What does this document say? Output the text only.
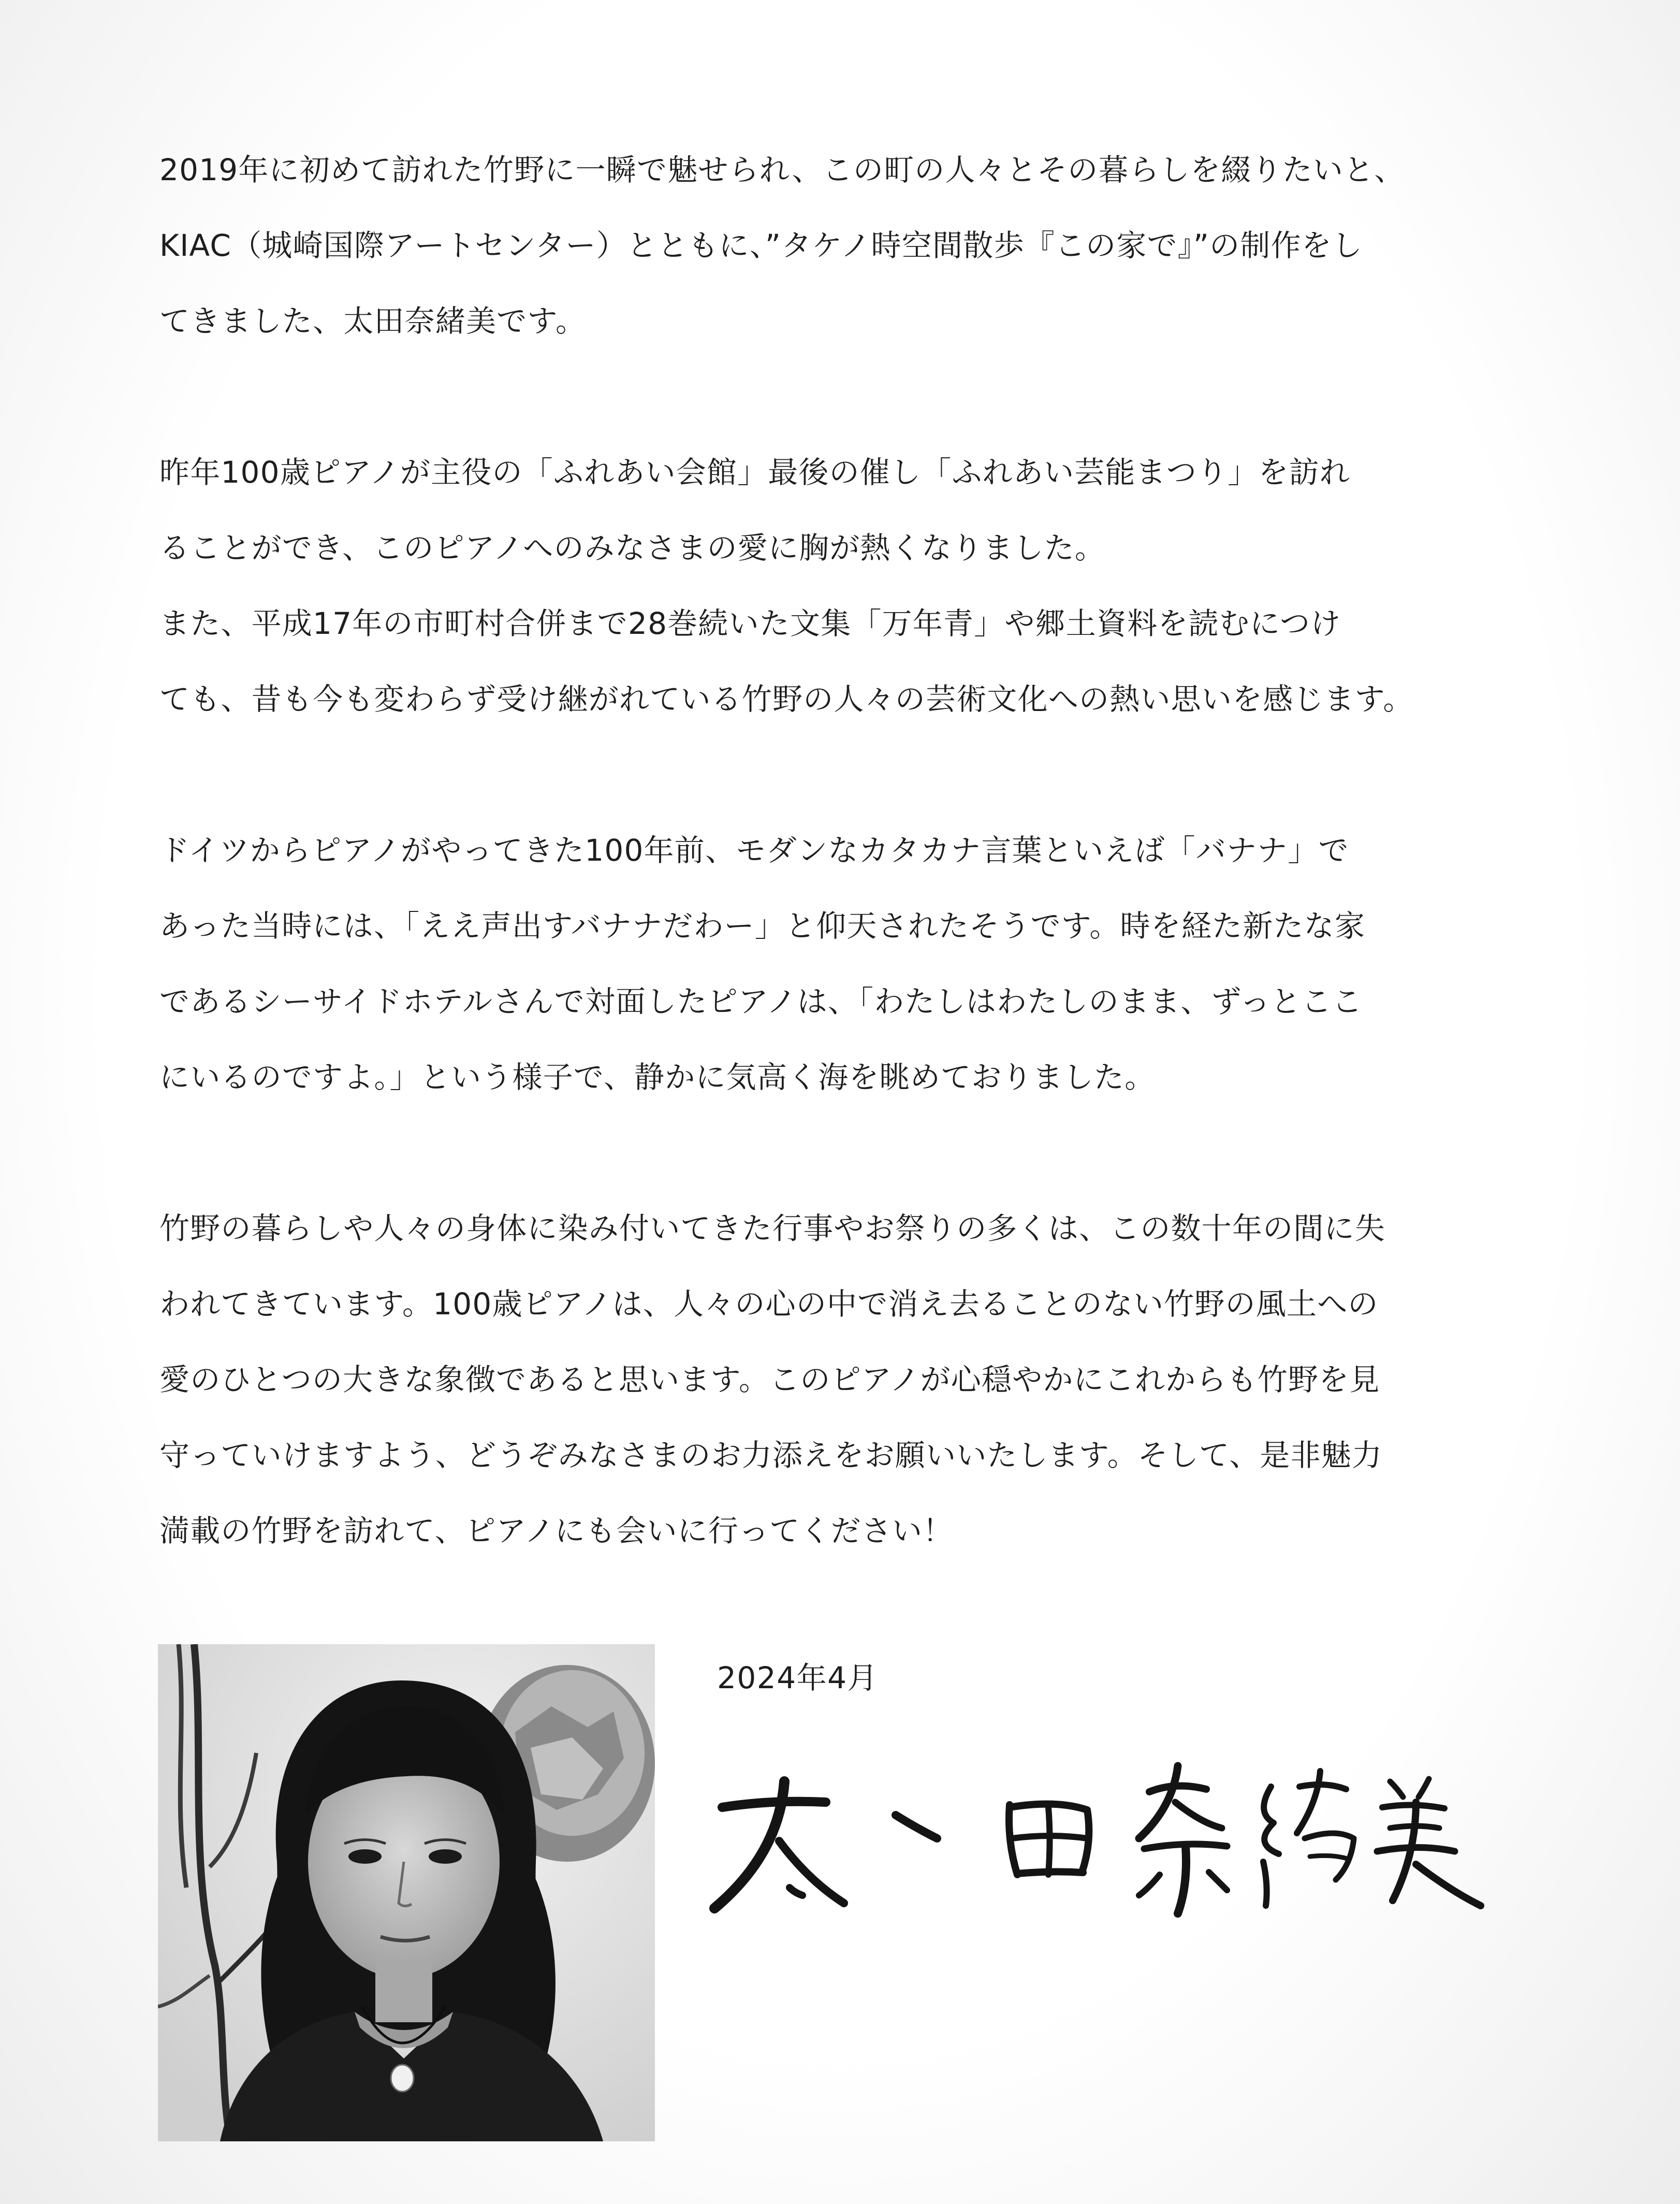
2019年に初めて訪れた竹野に一瞬で魅せられ、この町の人々とその暮らしを綴りたいと、
KIAC（城崎国際アートセンター）とともに、”タケノ時空間散歩『この家で』”の制作をし
てきました、太田奈緒美です。
昨年100歳ピアノが主役の「ふれあい会館」最後の催し「ふれあい芸能まつり」を訪れ
ることができ、このピアノへのみなさまの愛に胸が熱くなりました。
また、平成17年の市町村合併まで28巻続いた文集「万年青」や郷土資料を読むにつけ
ても、昔も今も変わらず受け継がれている竹野の人々の芸術文化への熱い思いを感じます。
ドイツからピアノがやってきた100年前、モダンなカタカナ言葉といえば「バナナ」で
あった当時には、「ええ声出すバナナだわー」と仰天されたそうです。時を経た新たな家
であるシーサイドホテルさんで対面したピアノは、「わたしはわたしのまま、ずっとここ
にいるのですよ。」という様子で、静かに気高く海を眺めておりました。
竹野の暮らしや人々の身体に染み付いてきた行事やお祭りの多くは、この数十年の間に失
われてきています。100歳ピアノは、人々の心の中で消え去ることのない竹野の風土への
愛のひとつの大きな象徴であると思います。このピアノが心穏やかにこれからも竹野を見
守っていけますよう、どうぞみなさまのお力添えをお願いいたします。そして、是非魅力
満載の竹野を訪れて、ピアノにも会いに行ってください！
2024年4月
